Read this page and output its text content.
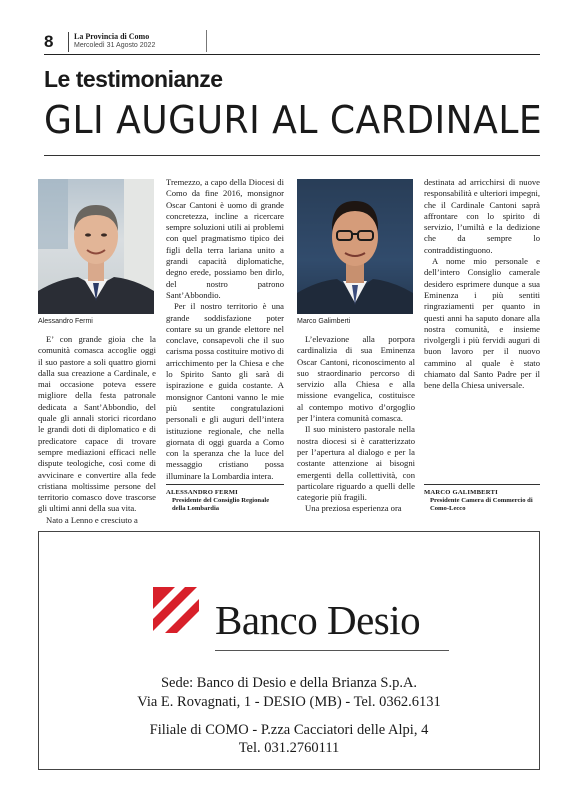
8	La Provincia di Como
Mercoledì 31 Agosto 2022
Le testimonianze
GLI AUGURI AL CARDINALE
Alessandro Fermi	Marco Galimberti

E’ con grande gioia che la comunità comasca accoglie oggi il suo pastore a soli quattro giorni dalla sua creazione a Cardinale, e mai occasione poteva essere migliore della festa patronale dedicata a Sant’Abbondio, del quale gli annali storici ricordano le grandi doti di diplomatico e di predicatore capace di trovare sempre mediazioni efficaci nelle dispute teologiche, così come di avvicinare e convertire alla fede cristiana moltissime persone del territorio comasco dove trascorse gli ultimi anni della sua vita.

Nato a Lenno e cresciuto a

Tremezzo, a capo della Diocesi di Como da fine 2016, monsignor Oscar Cantoni è uomo di grande concretezza, incline a ricercare sempre soluzioni utili ai problemi con quel pragmatismo tipico dei figli della terra lariana unito a grandi capacità diplomatiche, degno erede, possiamo ben dirlo, del nostro patrono Sant’Abbondio.

Per il nostro territorio è una grande soddisfazione poter contare su un grande elettore nel conclave, consapevoli che il suo carisma possa costituire motivo di arricchimento per la Chiesa e che lo Spirito Santo gli sarà di ispirazione e guida costante. A monsignor Cantoni vanno le mie più sentite congratulazioni personali e gli auguri dell’intera istituzione regionale, che nella giornata di oggi guarda a Como con la speranza che la luce del messaggio cristiano possa illuminare la Lombardia intera.

ALESSANDRO FERMI
Presidente del Consiglio Regionale della Lombardia

L’elevazione alla porpora cardinalizia di sua Eminenza Oscar Cantoni, riconoscimento al suo straordinario percorso di servizio alla Chiesa e alla missione evangelica, costituisce al contempo motivo d’orgoglio per l’intera comunità comasca.

Il suo ministero pastorale nella nostra diocesi si è caratterizzato per l’apertura al dialogo e per la costante attenzione ai bisogni emergenti della collettività, con particolare riguardo a quelli delle categorie più fragili.

Una preziosa esperienza ora

destinata ad arricchirsi di nuove responsabilità e ulteriori impegni, che il Cardinale Cantoni saprà affrontare con lo spirito di servizio, l’umiltà e la dedizione che da sempre lo contraddistinguono.

A nome mio personale e dell’intero Consiglio camerale desidero esprimere dunque a sua Eminenza i più sentiti ringraziamenti per quanto in questi anni ha saputo donare alla nostra comunità, e insieme rivolgergli i più fervidi auguri di buon lavoro per il nuovo cammino al quale è stato chiamato dal Santo Padre per il bene della Chiesa universale.

MARCO GALIMBERTI
Presidente Camera di Commercio di Como-Lecco
Banco Desio
Sede: Banco di Desio e della Brianza S.p.A.
Via E. Rovagnati, 1 - DESIO (MB) - Tel. 0362.6131
Filiale di COMO - P.zza Cacciatori delle Alpi, 4
Tel. 031.2760111
